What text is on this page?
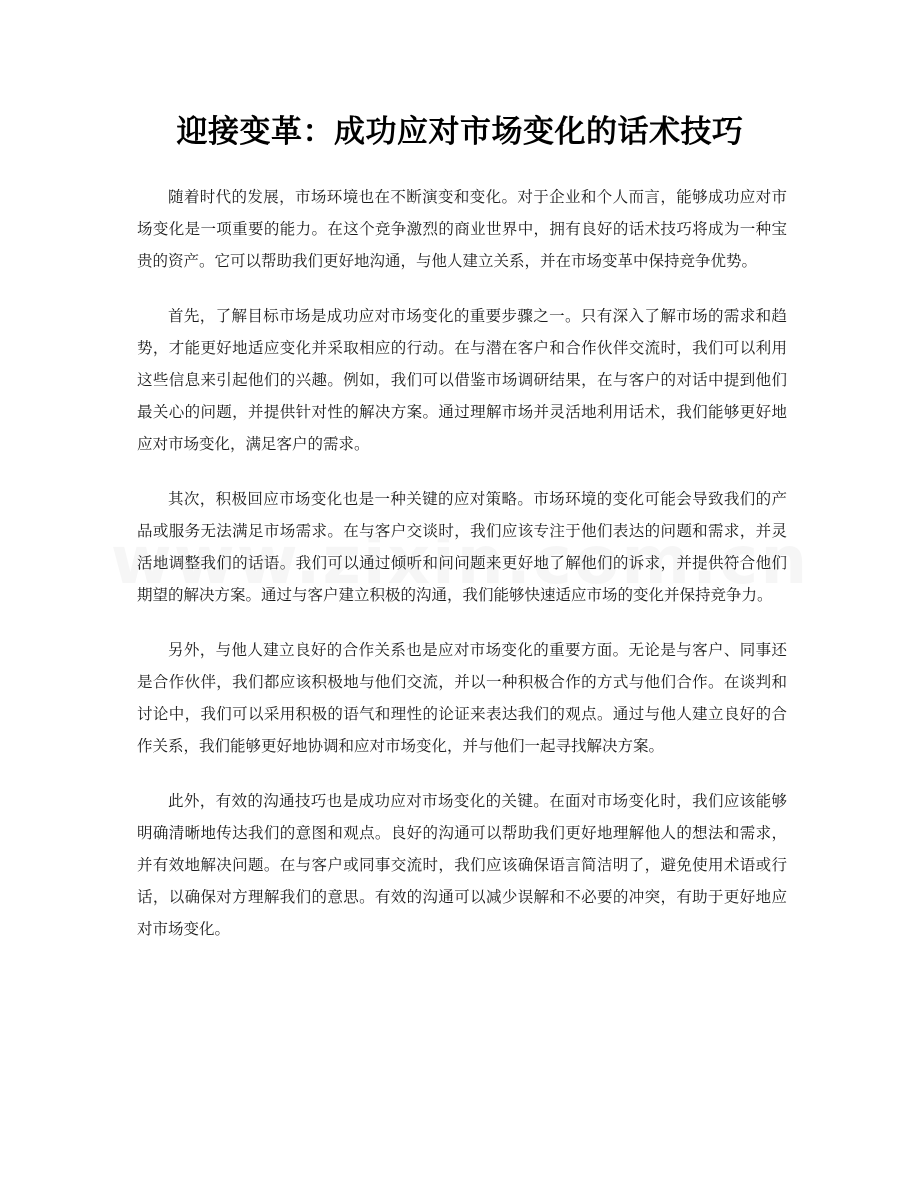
迎接变革：成功应对市场变化的话术技巧

随着时代的发展，市场环境也在不断演变和变化。对于企业和个人而言，能够成功应对市场变化是一项重要的能力。在这个竞争激烈的商业世界中，拥有良好的话术技巧将成为一种宝贵的资产。它可以帮助我们更好地沟通，与他人建立关系，并在市场变革中保持竞争优势。

首先，了解目标市场是成功应对市场变化的重要步骤之一。只有深入了解市场的需求和趋势，才能更好地适应变化并采取相应的行动。在与潜在客户和合作伙伴交流时，我们可以利用这些信息来引起他们的兴趣。例如，我们可以借鉴市场调研结果，在与客户的对话中提到他们最关心的问题，并提供针对性的解决方案。通过理解市场并灵活地利用话术，我们能够更好地应对市场变化，满足客户的需求。

其次，积极回应市场变化也是一种关键的应对策略。市场环境的变化可能会导致我们的产品或服务无法满足市场需求。在与客户交谈时，我们应该专注于他们表达的问题和需求，并灵活地调整我们的话语。我们可以通过倾听和问问题来更好地了解他们的诉求，并提供符合他们期望的解决方案。通过与客户建立积极的沟通，我们能够快速适应市场的变化并保持竞争力。

另外，与他人建立良好的合作关系也是应对市场变化的重要方面。无论是与客户、同事还是合作伙伴，我们都应该积极地与他们交流，并以一种积极合作的方式与他们合作。在谈判和讨论中，我们可以采用积极的语气和理性的论证来表达我们的观点。通过与他人建立良好的合作关系，我们能够更好地协调和应对市场变化，并与他们一起寻找解决方案。

此外，有效的沟通技巧也是成功应对市场变化的关键。在面对市场变化时，我们应该能够明确清晰地传达我们的意图和观点。良好的沟通可以帮助我们更好地理解他人的想法和需求，并有效地解决问题。在与客户或同事交流时，我们应该确保语言简洁明了，避免使用术语或行话，以确保对方理解我们的意思。有效的沟通可以减少误解和不必要的冲突，有助于更好地应对市场变化。
